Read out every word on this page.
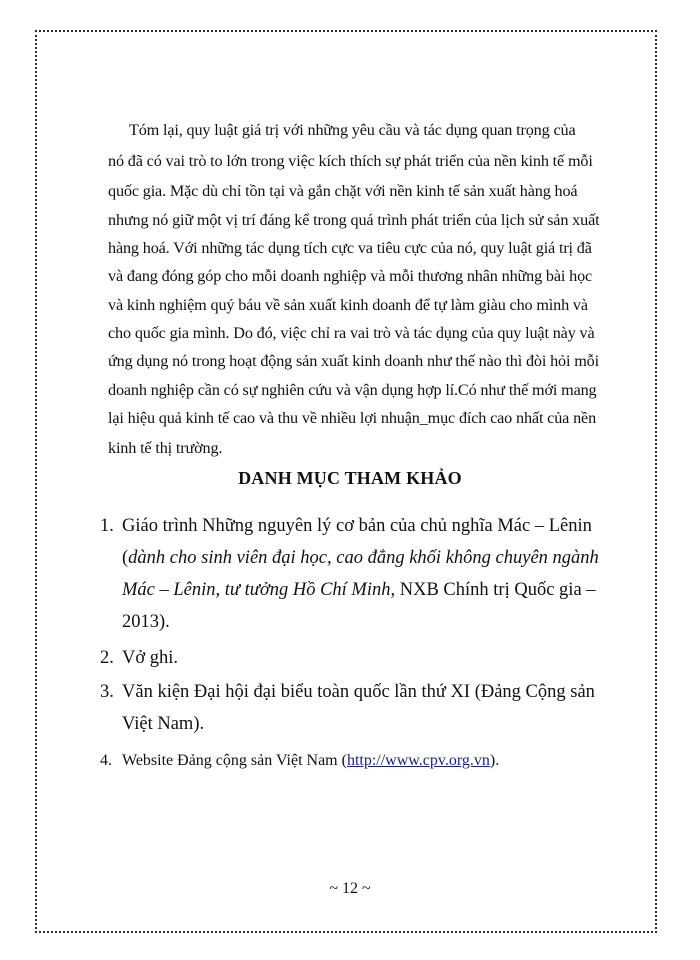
Tóm lại, quy luật giá trị với những yêu cầu và tác dụng quan trọng của
nó đã có vai trò to lớn trong việc kích thích sự phát triển của nền kinh tế mỗi
quốc gia. Mặc dù chỉ tồn tại và gắn chặt với nền kinh tế sản xuất hàng hoá
nhưng nó giữ một vị trí đáng kể trong quá trình phát triển của lịch sử sản xuất
hàng hoá. Với những tác dụng tích cực va tiêu cực của nó, quy luật giá trị đã
và đang đóng góp cho mỗi doanh nghiệp và mỗi thương nhân những bài học
và kinh nghiệm quý báu về sản xuất kinh doanh để tự làm giàu cho mình và
cho quốc gia mình. Do đó, việc chỉ ra vai trò và tác dụng của quy luật này và
ứng dụng nó trong hoạt động sản xuất kinh doanh như thế nào thì đòi hỏi mỗi
doanh nghiệp cần có sự nghiên cứu và vận dụng hợp lí.Có như thế mới mang
lại hiệu quả kinh tế cao và thu về nhiều lợi nhuận_mục đích cao nhất của nền
kinh tế thị trường.
DANH MỤC THAM KHẢO
1. Giáo trình Những nguyên lý cơ bản của chủ nghĩa Mác – Lênin
(dành cho sinh viên đại học, cao đẳng khối không chuyên ngành
Mác – Lênin, tư tưởng Hồ Chí Minh, NXB Chính trị Quốc gia –
2013).
2. Vở ghi.
3. Văn kiện Đại hội đại biểu toàn quốc lần thứ XI (Đảng Cộng sản
Việt Nam).
4. Website Đảng cộng sản Việt Nam (http://www.cpv.org.vn).
~ 12 ~
